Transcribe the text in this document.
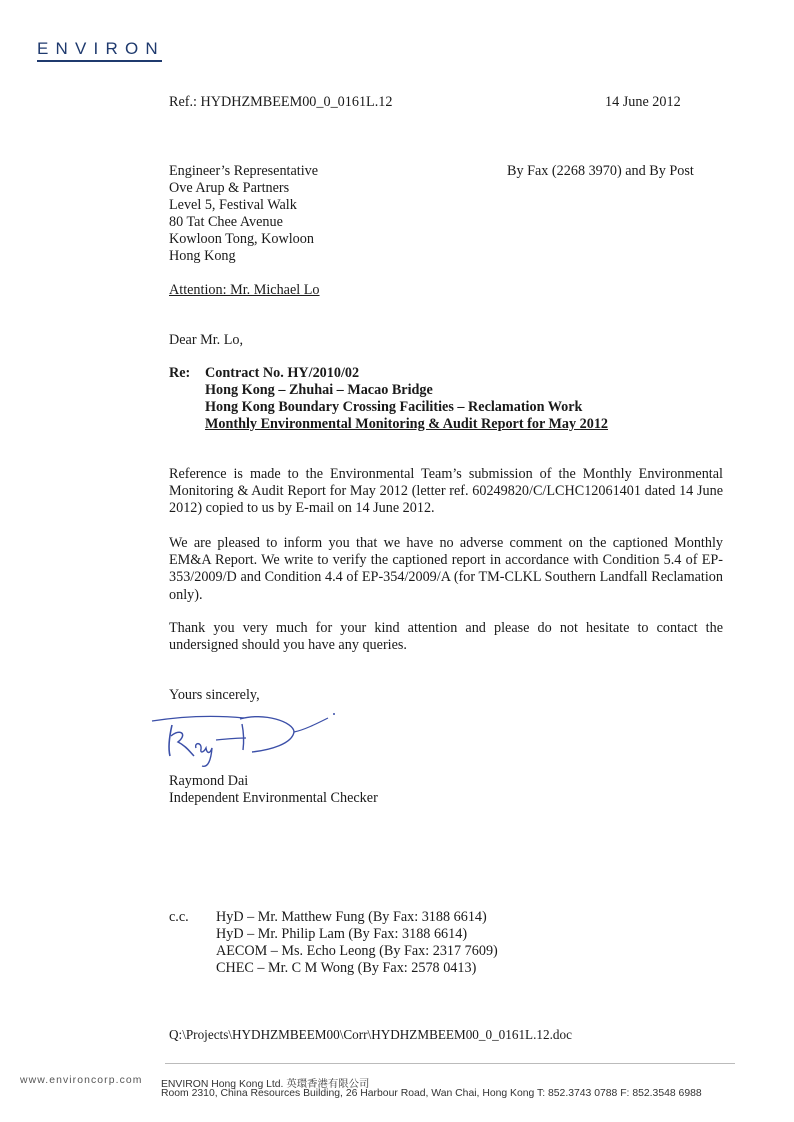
ENVIRON
Ref.: HYDHZMBEEM00_0_0161L.12	14 June 2012
Engineer’s Representative
Ove Arup & Partners
Level 5, Festival Walk
80 Tat Chee Avenue
Kowloon Tong, Kowloon
Hong Kong
By Fax (2268 3970) and By Post
Attention: Mr. Michael Lo
Dear Mr. Lo,
Re: Contract No. HY/2010/02
Hong Kong – Zhuhai – Macao Bridge
Hong Kong Boundary Crossing Facilities – Reclamation Work
Monthly Environmental Monitoring & Audit Report for May 2012
Reference is made to the Environmental Team’s submission of the Monthly Environmental Monitoring & Audit Report for May 2012 (letter ref. 60249820/C/LCHC12061401 dated 14 June 2012) copied to us by E-mail on 14 June 2012.
We are pleased to inform you that we have no adverse comment on the captioned Monthly EM&A Report. We write to verify the captioned report in accordance with Condition 5.4 of EP-353/2009/D and Condition 4.4 of EP-354/2009/A (for TM-CLKL Southern Landfall Reclamation only).
Thank you very much for your kind attention and please do not hesitate to contact the undersigned should you have any queries.
Yours sincerely,
Raymond Dai
Independent Environmental Checker
c.c. HyD – Mr. Matthew Fung (By Fax: 3188 6614)
HyD – Mr. Philip Lam (By Fax: 3188 6614)
AECOM – Ms. Echo Leong (By Fax: 2317 7609)
CHEC – Mr. C M Wong (By Fax: 2578 0413)
Q:\Projects\HYDHZMBEEM00\Corr\HYDHZMBEEM00_0_0161L.12.doc
www.environcorp.com ENVIRON Hong Kong Ltd. 英環香港有限公司
Room 2310, China Resources Building, 26 Harbour Road, Wan Chai, Hong Kong T: 852.3743 0788 F: 852.3548 6988
